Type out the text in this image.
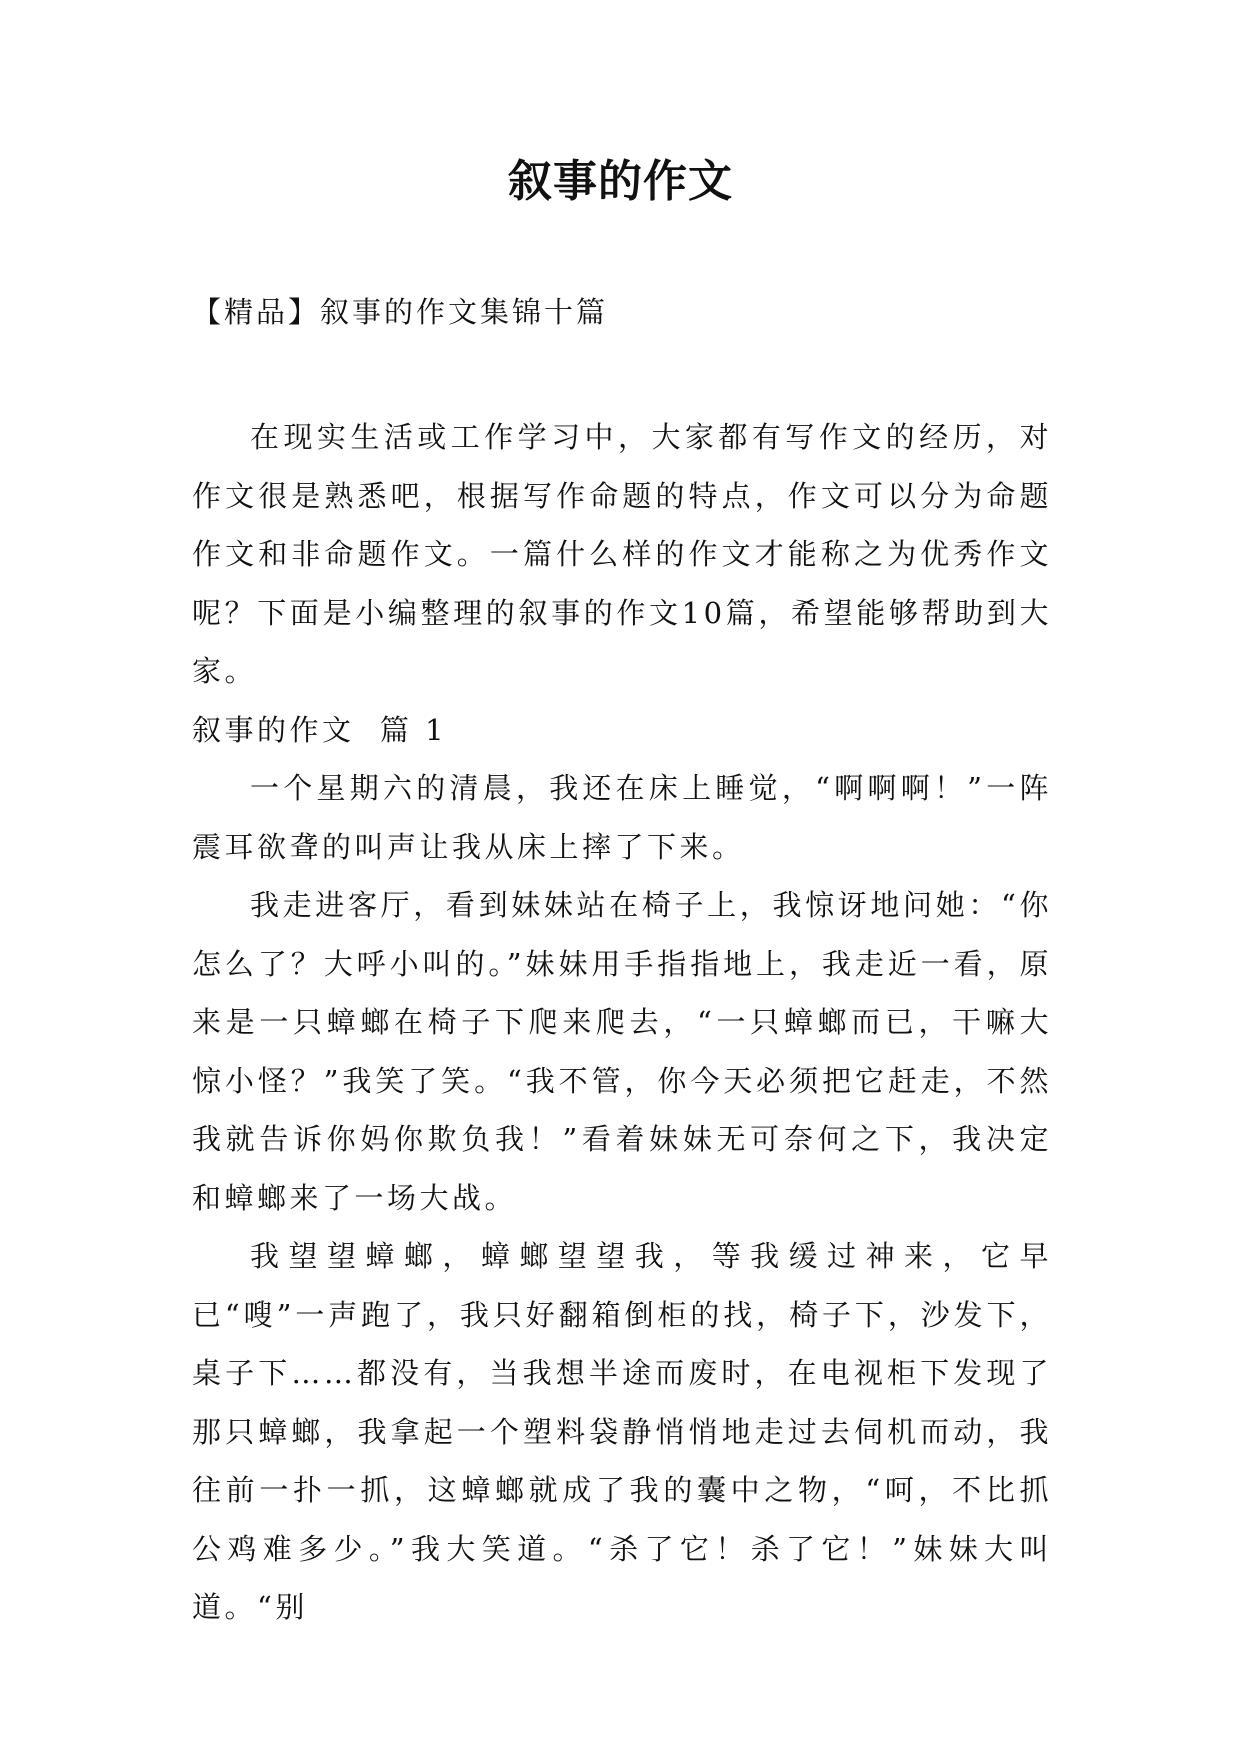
叙事的作文
【精品】叙事的作文集锦十篇

在现实生活或工作学习中，大家都有写作文的经历，对作文很是熟悉吧，根据写作命题的特点，作文可以分为命题作文和非命题作文。一篇什么样的作文才能称之为优秀作文呢？下面是小编整理的叙事的作文10篇，希望能够帮助到大家。

叙事的作文  篇 1

一个星期六的清晨，我还在床上睡觉，“啊啊啊！”一阵震耳欲聋的叫声让我从床上摔了下来。

我走进客厅，看到妹妹站在椅子上，我惊讶地问她：“你怎么了？大呼小叫的。”妹妹用手指指地上，我走近一看，原来是一只蟑螂在椅子下爬来爬去，“一只蟑螂而已，干嘛大惊小怪？”我笑了笑。“我不管，你今天必须把它赶走，不然我就告诉你妈你欺负我！”看着妹妹无可奈何之下，我决定和蟑螂来了一场大战。

我望望蟑螂，蟑螂望望我，等我缓过神来，它早已“嗖”一声跑了，我只好翻箱倒柜的找，椅子下，沙发下，桌子下……都没有，当我想半途而废时，在电视柜下发现了那只蟑螂，我拿起一个塑料袋静悄悄地走过去伺机而动，我往前一扑一抓，这蟑螂就成了我的囊中之物，“呵，不比抓公鸡难多少。”我大笑道。“杀了它！杀了它！”妹妹大叫道。“别
